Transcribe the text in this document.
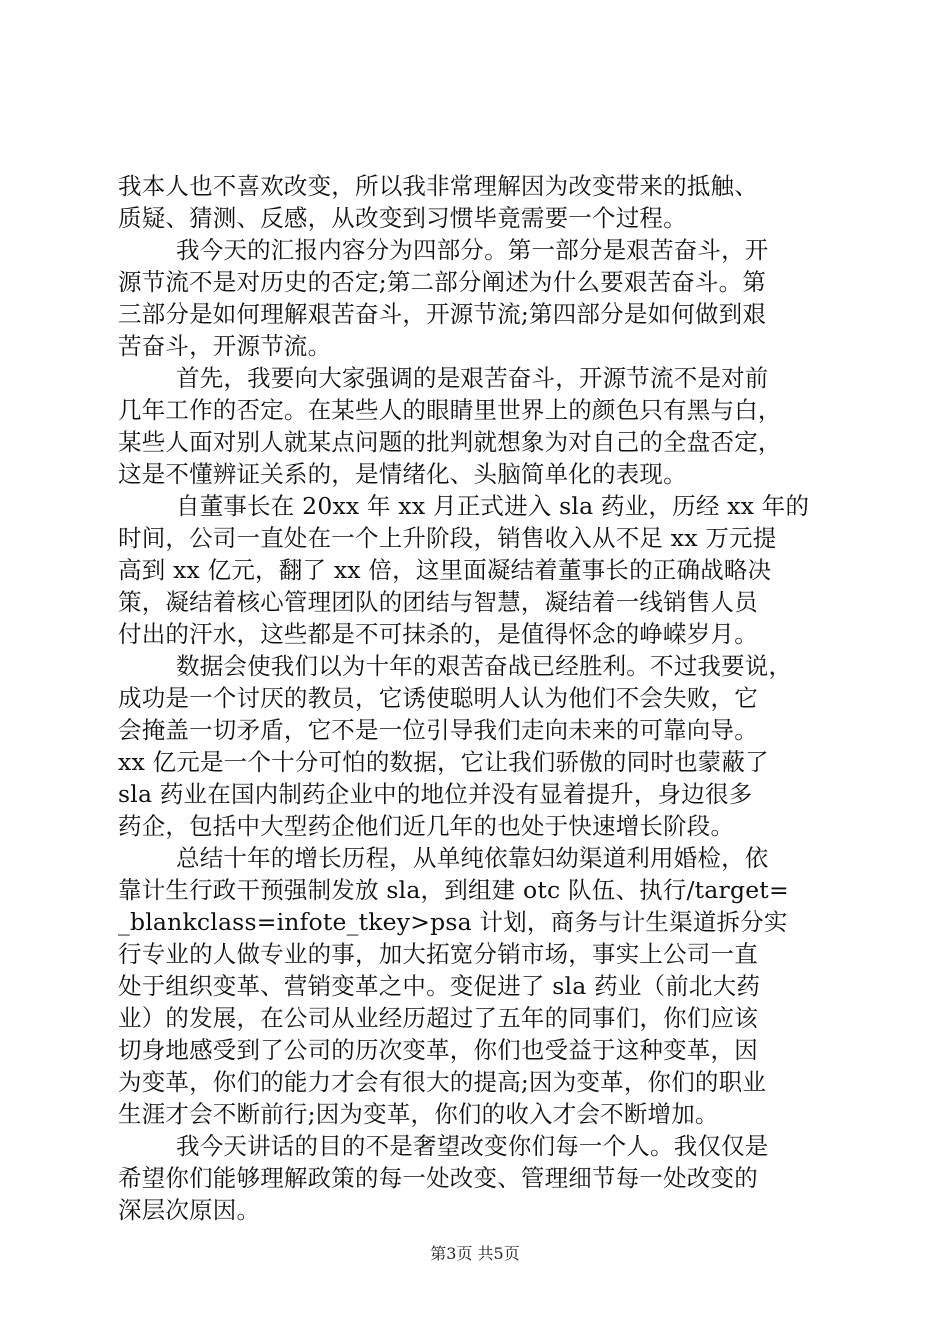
我本人也不喜欢改变，所以我非常理解因为改变带来的抵触、
质疑、猜测、反感，从改变到习惯毕竟需要一个过程。
我今天的汇报内容分为四部分。第一部分是艰苦奋斗，开
源节流不是对历史的否定;第二部分阐述为什么要艰苦奋斗。第
三部分是如何理解艰苦奋斗，开源节流;第四部分是如何做到艰
苦奋斗，开源节流。
首先，我要向大家强调的是艰苦奋斗，开源节流不是对前
几年工作的否定。在某些人的眼睛里世界上的颜色只有黑与白，
某些人面对别人就某点问题的批判就想象为对自己的全盘否定，
这是不懂辨证关系的，是情绪化、头脑简单化的表现。
自董事长在 20xx 年 xx 月正式进入 sla 药业，历经 xx 年的
时间，公司一直处在一个上升阶段，销售收入从不足 xx 万元提
高到 xx 亿元，翻了 xx 倍，这里面凝结着董事长的正确战略决
策，凝结着核心管理团队的团结与智慧，凝结着一线销售人员
付出的汗水，这些都是不可抹杀的，是值得怀念的峥嵘岁月。
数据会使我们以为十年的艰苦奋战已经胜利。不过我要说，
成功是一个讨厌的教员，它诱使聪明人认为他们不会失败，它
会掩盖一切矛盾，它不是一位引导我们走向未来的可靠向导。
xx 亿元是一个十分可怕的数据，它让我们骄傲的同时也蒙蔽了
sla 药业在国内制药企业中的地位并没有显着提升，身边很多
药企，包括中大型药企他们近几年的也处于快速增长阶段。
总结十年的增长历程，从单纯依靠妇幼渠道利用婚检，依
靠计生行政干预强制发放 sla，到组建 otc 队伍、执行/target=
_blankclass=infote_tkey>psa 计划，商务与计生渠道拆分实
行专业的人做专业的事，加大拓宽分销市场，事实上公司一直
处于组织变革、营销变革之中。变促进了 sla 药业（前北大药
业）的发展，在公司从业经历超过了五年的同事们，你们应该
切身地感受到了公司的历次变革，你们也受益于这种变革，因
为变革，你们的能力才会有很大的提高;因为变革，你们的职业
生涯才会不断前行;因为变革，你们的收入才会不断增加。
我今天讲话的目的不是奢望改变你们每一个人。我仅仅是
希望你们能够理解政策的每一处改变、管理细节每一处改变的
深层次原因。
第3页 共5页
